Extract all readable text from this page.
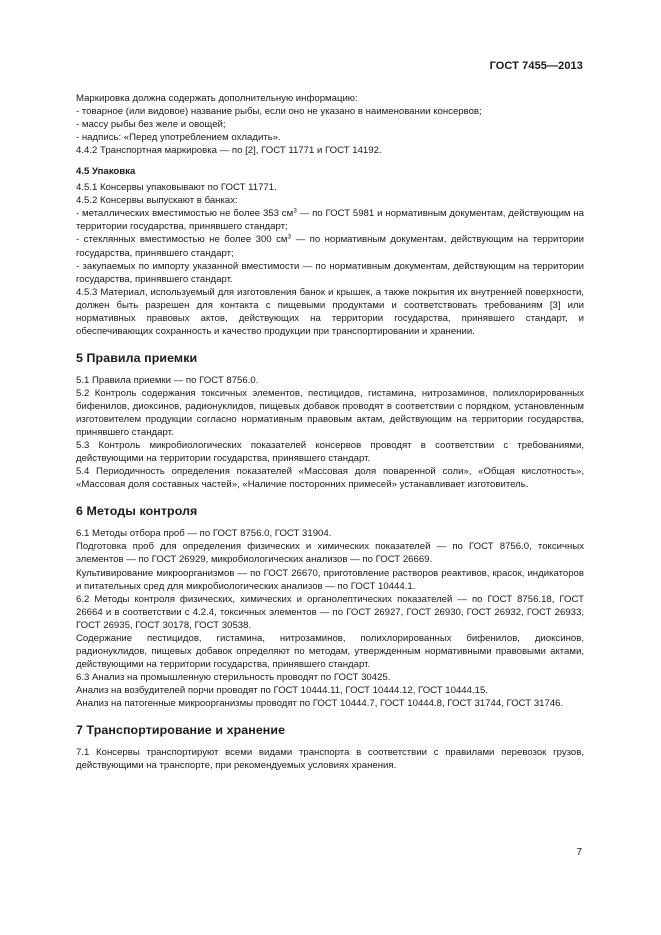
ГОСТ 7455—2013

Маркировка должна содержать дополнительную информацию:

- товарное (или видовое) название рыбы, если оно не указано в наименовании консервов;

- массу рыбы без желе и овощей;

- надпись: «Перед употреблением охладить».

4.4.2 Транспортная маркировка — по [2], ГОСТ 11771 и ГОСТ 14192.

4.5 Упаковка

4.5.1 Консервы упаковывают по ГОСТ 11771.

4.5.2 Консервы выпускают в банках:

- металлических вместимостью не более 353 $см^3$ — по ГОСТ 5981 и нормативным документам, действующим на территории государства, принявшего стандарт;

- стеклянных вместимостью не более 300 $см^3$ — по нормативным документам, действующим на территории государства, принявшего стандарт;

- закупаемых по импорту указанной вместимости — по нормативным документам, действующим на территории государства, принявшего стандарт.

4.5.3 Материал, используемый для изготовления банок и крышек, а также покрытия их внутренней поверхности, должен быть разрешен для контакта с пищевыми продуктами и соответствовать требованиям [3] или нормативных правовых актов, действующих на территории государства, принявшего стандарт, и обеспечивающих сохранность и качество продукции при транспортировании и хранении.

5 Правила приемки

5.1 Правила приемки — по ГОСТ 8756.0.

5.2 Контроль содержания токсичных элементов, пестицидов, гистамина, нитрозаминов, полихлорированных бифенилов, диоксинов, радионуклидов, пищевых добавок проводят в соответствии с порядком, установленным изготовителем продукции согласно нормативным правовым актам, действующим на территории государства, принявшего стандарт.

5.3 Контроль микробиологических показателей консервов проводят в соответствии с требованиями, действующими на территории государства, принявшего стандарт.

5.4 Периодичность определения показателей «Массовая доля поваренной соли», «Общая кислотность», «Массовая доля составных частей», «Наличие посторонних примесей» устанавливает изготовитель.

6 Методы контроля

6.1 Методы отбора проб — по ГОСТ 8756.0, ГОСТ 31904.

Подготовка проб для определения физических и химических показателей — по ГОСТ 8756.0, токсичных элементов — по ГОСТ 26929, микробиологических анализов — по ГОСТ 26669.

Культивирование микроорганизмов — по ГОСТ 26670, приготовление растворов реактивов, красок, индикаторов и питательных сред для микробиологических анализов — по ГОСТ 10444.1.

6.2 Методы контроля физических, химических и органолептических показателей — по ГОСТ 8756.18, ГОСТ 26664 и в соответствии с 4.2.4, токсичных элементов — по ГОСТ 26927, ГОСТ 26930, ГОСТ 26932, ГОСТ 26933, ГОСТ 26935, ГОСТ 30178, ГОСТ 30538.

Содержание пестицидов, гистамина, нитрозаминов, полихлорированных бифенилов, диоксинов, радионуклидов, пищевых добавок определяют по методам, утвержденным нормативными правовыми актами, действующими на территории государства, принявшего стандарт.

6.3 Анализ на промышленную стерильность проводят по ГОСТ 30425.

Анализ на возбудителей порчи проводят по ГОСТ 10444.11, ГОСТ 10444.12, ГОСТ 10444.15.

Анализ на патогенные микроорганизмы проводят по ГОСТ 10444.7, ГОСТ 10444.8, ГОСТ 31744, ГОСТ 31746.

7 Транспортирование и хранение

7.1 Консервы транспортируют всеми видами транспорта в соответствии с правилами перевозок грузов, действующими на транспорте, при рекомендуемых условиях хранения.

7
